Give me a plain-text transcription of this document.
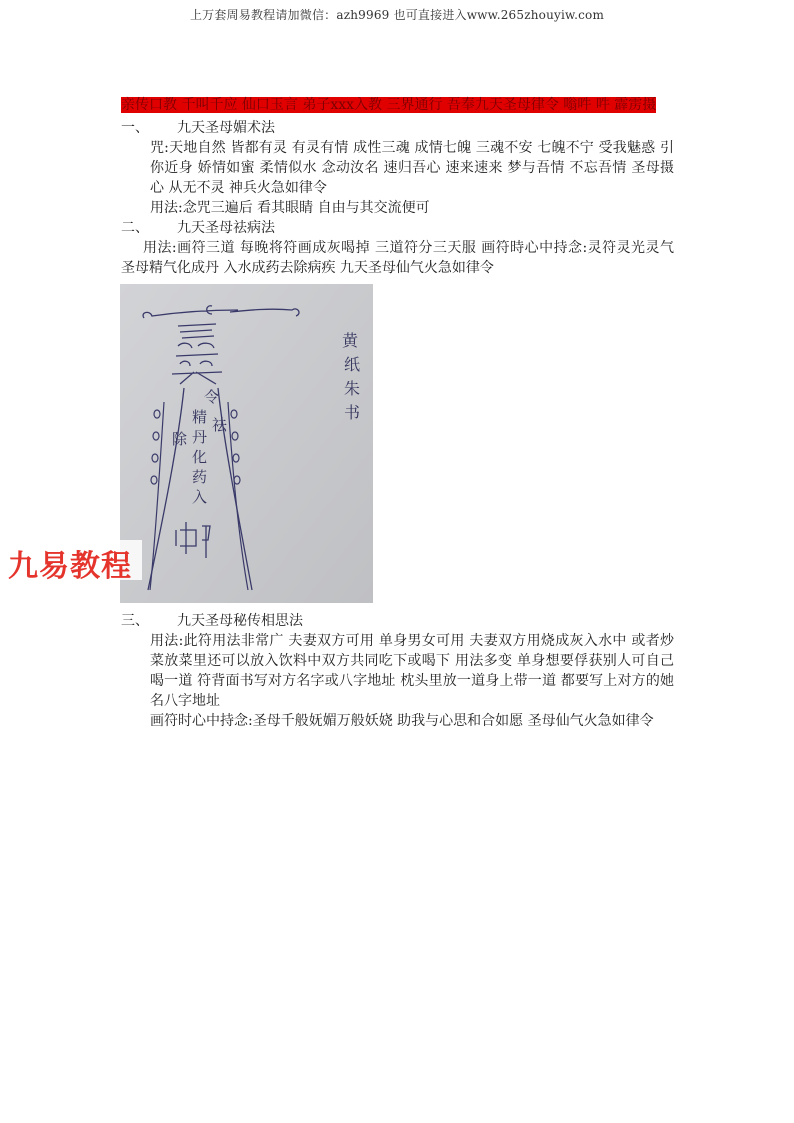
上万套周易教程请加微信：azh9969 也可直接进入www.265zhouyiw.com
亲传口教 千叫千应 仙口玉言 弟子xxx入教 三界通行 吾奉九天圣母律令 嗡吽 吽 霹雳摄
一、	九天圣母媚术法
咒:天地自然 皆都有灵 有灵有情 成性三魂 成情七魄 三魂不安 七魄不宁 受我魅惑 引你近身 娇情如蜜 柔情似水 念动汝名 速归吾心 速来速来 梦与吾情 不忘吾情 圣母摄心 从无不灵 神兵火急如律令
用法:念咒三遍后 看其眼睛 自由与其交流便可
二、	九天圣母祛病法
用法:画符三道 每晚将符画成灰喝掉 三道符分三天服 画符時心中持念:灵符灵光灵气 圣母精气化成丹 入水成药去除病疾 九天圣母仙气火急如律令
令
精
丹
化
药
入
除
祛
黄
纸
朱
书
三、	九天圣母秘传相思法
用法:此符用法非常广 夫妻双方可用 单身男女可用 夫妻双方用烧成灰入水中 或者炒菜放菜里还可以放入饮料中双方共同吃下或喝下 用法多变 单身想要俘获别人可自己喝一道 符背面书写对方名字或八字地址 枕头里放一道身上带一道 都要写上对方的她名八字地址
画符时心中持念:圣母千般妩媚万般妖娆 助我与心思和合如愿 圣母仙气火急如律令
九易教程
